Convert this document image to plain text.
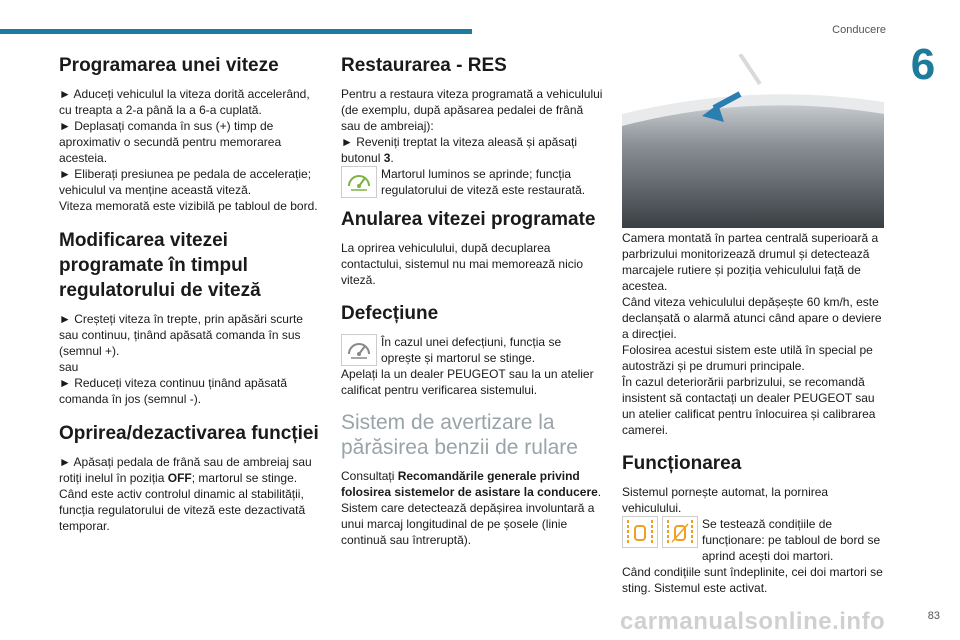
Conducere
6
Programarea unei viteze

► Aduceți vehiculul la viteza dorită accelerând, cu treapta a 2-a până la a 6-a cuplată.

► Deplasați comanda în sus (+) timp de aproximativ o secundă pentru memorarea acesteia.

► Eliberați presiunea pe pedala de accelerație; vehiculul va menține această viteză.

Viteza memorată este vizibilă pe tabloul de bord.

Modificarea vitezei programate în timpul regulatorului de viteză

► Creșteți viteza în trepte, prin apăsări scurte sau continuu, ținând apăsată comanda în sus (semnul +).

sau

► Reduceți viteza continuu ținând apăsată comanda în jos (semnul -).

Oprirea/dezactivarea funcției

► Apăsați pedala de frână sau de ambreiaj sau rotiți inelul în poziția OFF; martorul se stinge.

Când este activ controlul dinamic al stabilității, funcția regulatorului de viteză este dezactivată temporar.

Restaurarea - RES

Pentru a restaura viteza programată a vehiculului (de exemplu, după apăsarea pedalei de frână sau de ambreiaj):

► Reveniți treptat la viteza aleasă și apăsați butonul 3.

Martorul luminos se aprinde; funcția regulatorului de viteză este restaurată.

Anularea vitezei programate

La oprirea vehiculului, după decuplarea contactului, sistemul nu mai memorează nicio viteză.

Defecțiune

În cazul unei defecțiuni, funcția se oprește și martorul se stinge.

Apelați la un dealer PEUGEOT sau la un atelier calificat pentru verificarea sistemului.

Sistem de avertizare la părăsirea benzii de rulare

Consultați Recomandările generale privind folosirea sistemelor de asistare la conducere.

Sistem care detectează depășirea involuntară a unui marcaj longitudinal de pe șosele (linie continuă sau întreruptă).

Camera montată în partea centrală superioară a parbrizului monitorizează drumul și detectează marcajele rutiere și poziția vehiculului față de acestea.

Când viteza vehiculului depășește 60 km/h, este declanșată o alarmă atunci când apare o deviere a direcției.

Folosirea acestui sistem este utilă în special pe autostrăzi și pe drumuri principale.

În cazul deteriorării parbrizului, se recomandă insistent să contactați un dealer PEUGEOT sau un atelier calificat pentru înlocuirea și calibrarea camerei.

Funcționarea

Sistemul pornește automat, la pornirea vehiculului.

Se testează condițiile de funcționare: pe tabloul de bord se aprind acești doi martori.

Când condițiile sunt îndeplinite, cei doi martori se sting. Sistemul este activat.

carmanualsonline.info	83
